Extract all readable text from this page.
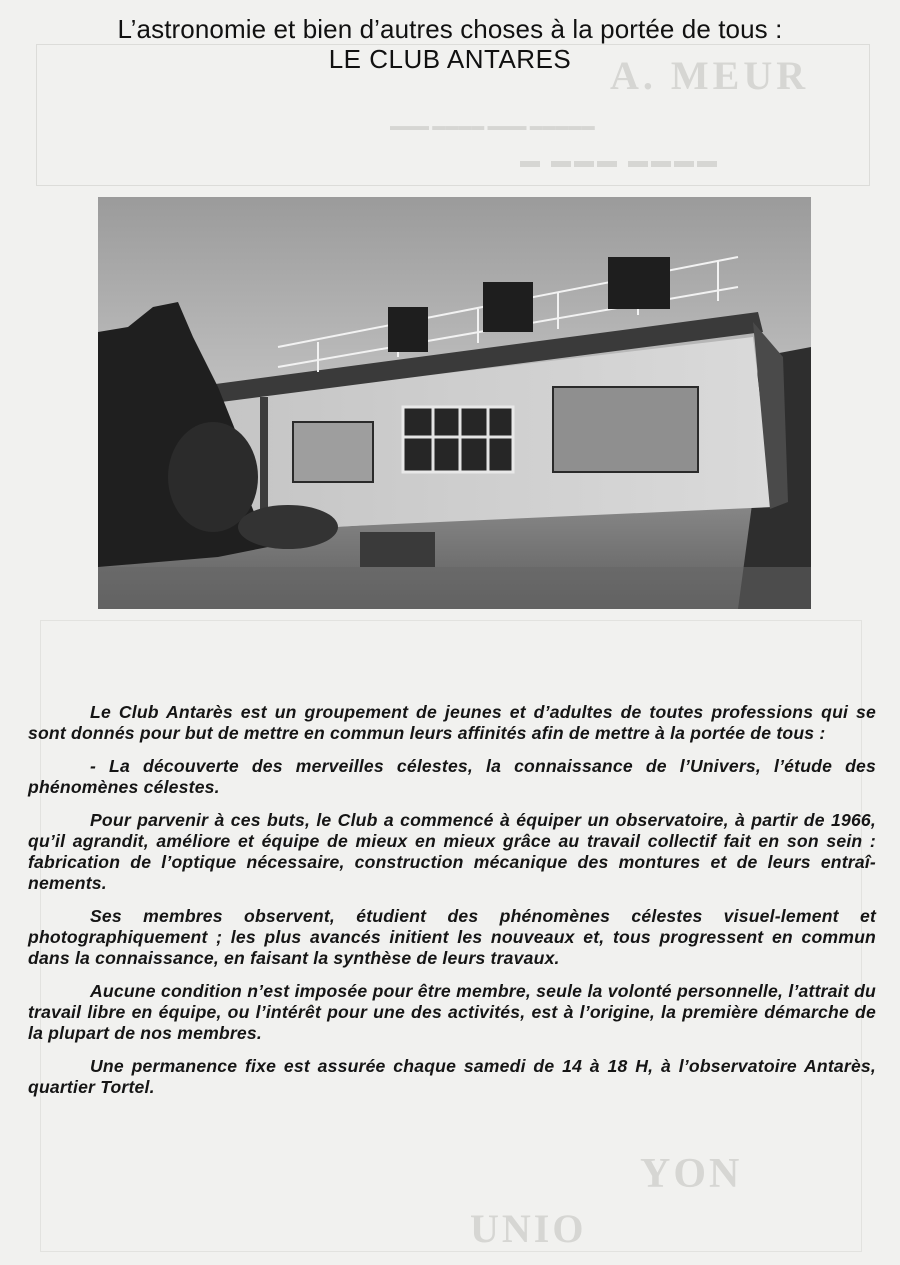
A. MEUR
▬▬▬ ▬▬▬▬ ▬▬▬ ▬▬▬▬▬
▬ ▬▬▬ ▬▬▬▬
YON
UNIO
L’astronomie et bien d’autres choses à la portée de tous :
LE CLUB ANTARES

Le Club Antarès est un groupement de jeunes et d’adultes de toutes professions qui se sont donnés pour but de mettre en commun leurs affinités afin de mettre à la portée de tous :

- La découverte des merveilles célestes, la connaissance de l’Univers, l’étude des phénomènes célestes.

Pour parvenir à ces buts, le Club a commencé à équiper un observatoire, à partir de 1966, qu’il agrandit, améliore et équipe de mieux en mieux grâce au travail collectif fait en son sein : fabrication de l’optique nécessaire, construction mécanique des montures et de leurs entraî-nements.

Ses membres observent, étudient des phénomènes célestes visuel-lement et photographiquement ; les plus avancés initient les nouveaux et, tous progressent en commun dans la connaissance, en faisant la synthèse de leurs travaux.

Aucune condition n’est imposée pour être membre, seule la volonté personnelle, l’attrait du travail libre en équipe, ou l’intérêt pour une des activités, est à l’origine, la première démarche de la plupart de nos membres.

Une permanence fixe est assurée chaque samedi de 14 à 18 H, à l’observatoire Antarès, quartier Tortel.
